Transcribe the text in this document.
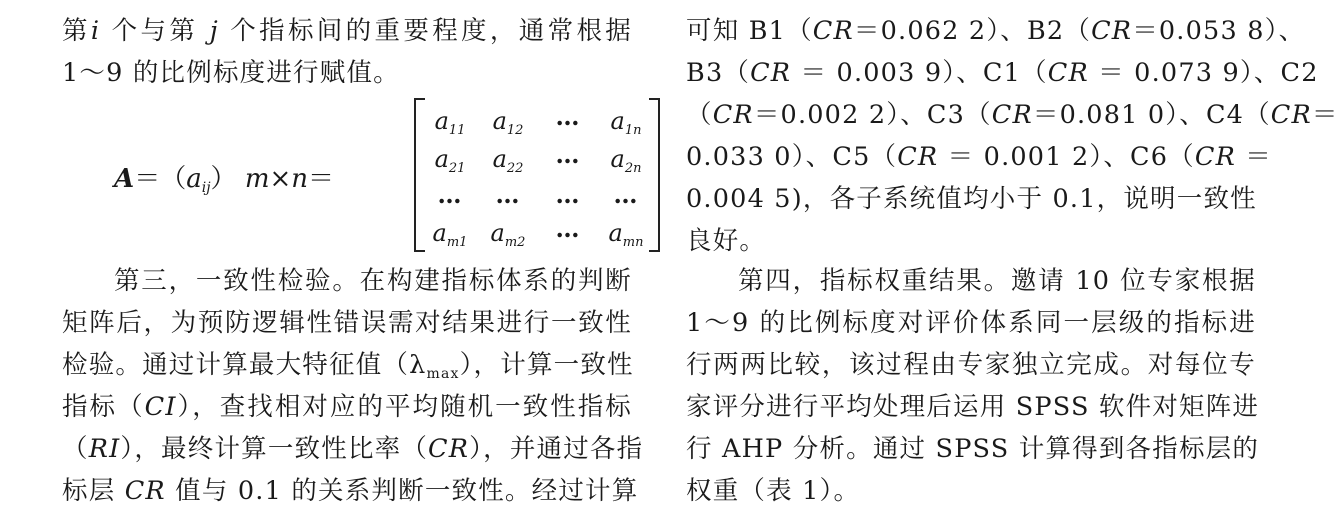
第i 个与第 j 个指标间的重要程度，通常根据
1～9 的比例标度进行赋值。
$A=(a_{ij})$ m×n＝
$a_{11}$	$a_{12}$	…	$a_{1n}$
$a_{21}$	$a_{22}$	…	$a_{2n}$
…	…	…	…
$a_{m1}$ $a_{m2}$	…	$a_{mn}$
第三，一致性检验。在构建指标体系的判断
矩阵后，为预防逻辑性错误需对结果进行一致性
检验。通过计算最大特征值$(\lambda_{max})$，计算一致性
指标（CI），查找相对应的平均随机一致性指标
（RI），最终计算一致性比率（CR），并通过各指
标层 CR 值与 0.1 的关系判断一致性。经过计算
可知 B1（CR＝0.062 2）、B2（CR＝0.053 8）、
B3（CR ＝ 0.003 9）、C1（CR ＝ 0.073 9）、C2
（CR＝0.002 2）、C3（CR＝0.081 0）、C4（CR＝
0.033 0）、C5（CR ＝ 0.001 2）、C6（CR ＝
0.004 5)，各子系统值均小于 0.1，说明一致性
良好。
第四，指标权重结果。邀请 10 位专家根据
1～9 的比例标度对评价体系同一层级的指标进
行两两比较，该过程由专家独立完成。对每位专
家评分进行平均处理后运用 SPSS 软件对矩阵进
行 AHP 分析。通过 SPSS 计算得到各指标层的
权重（表 1）。
